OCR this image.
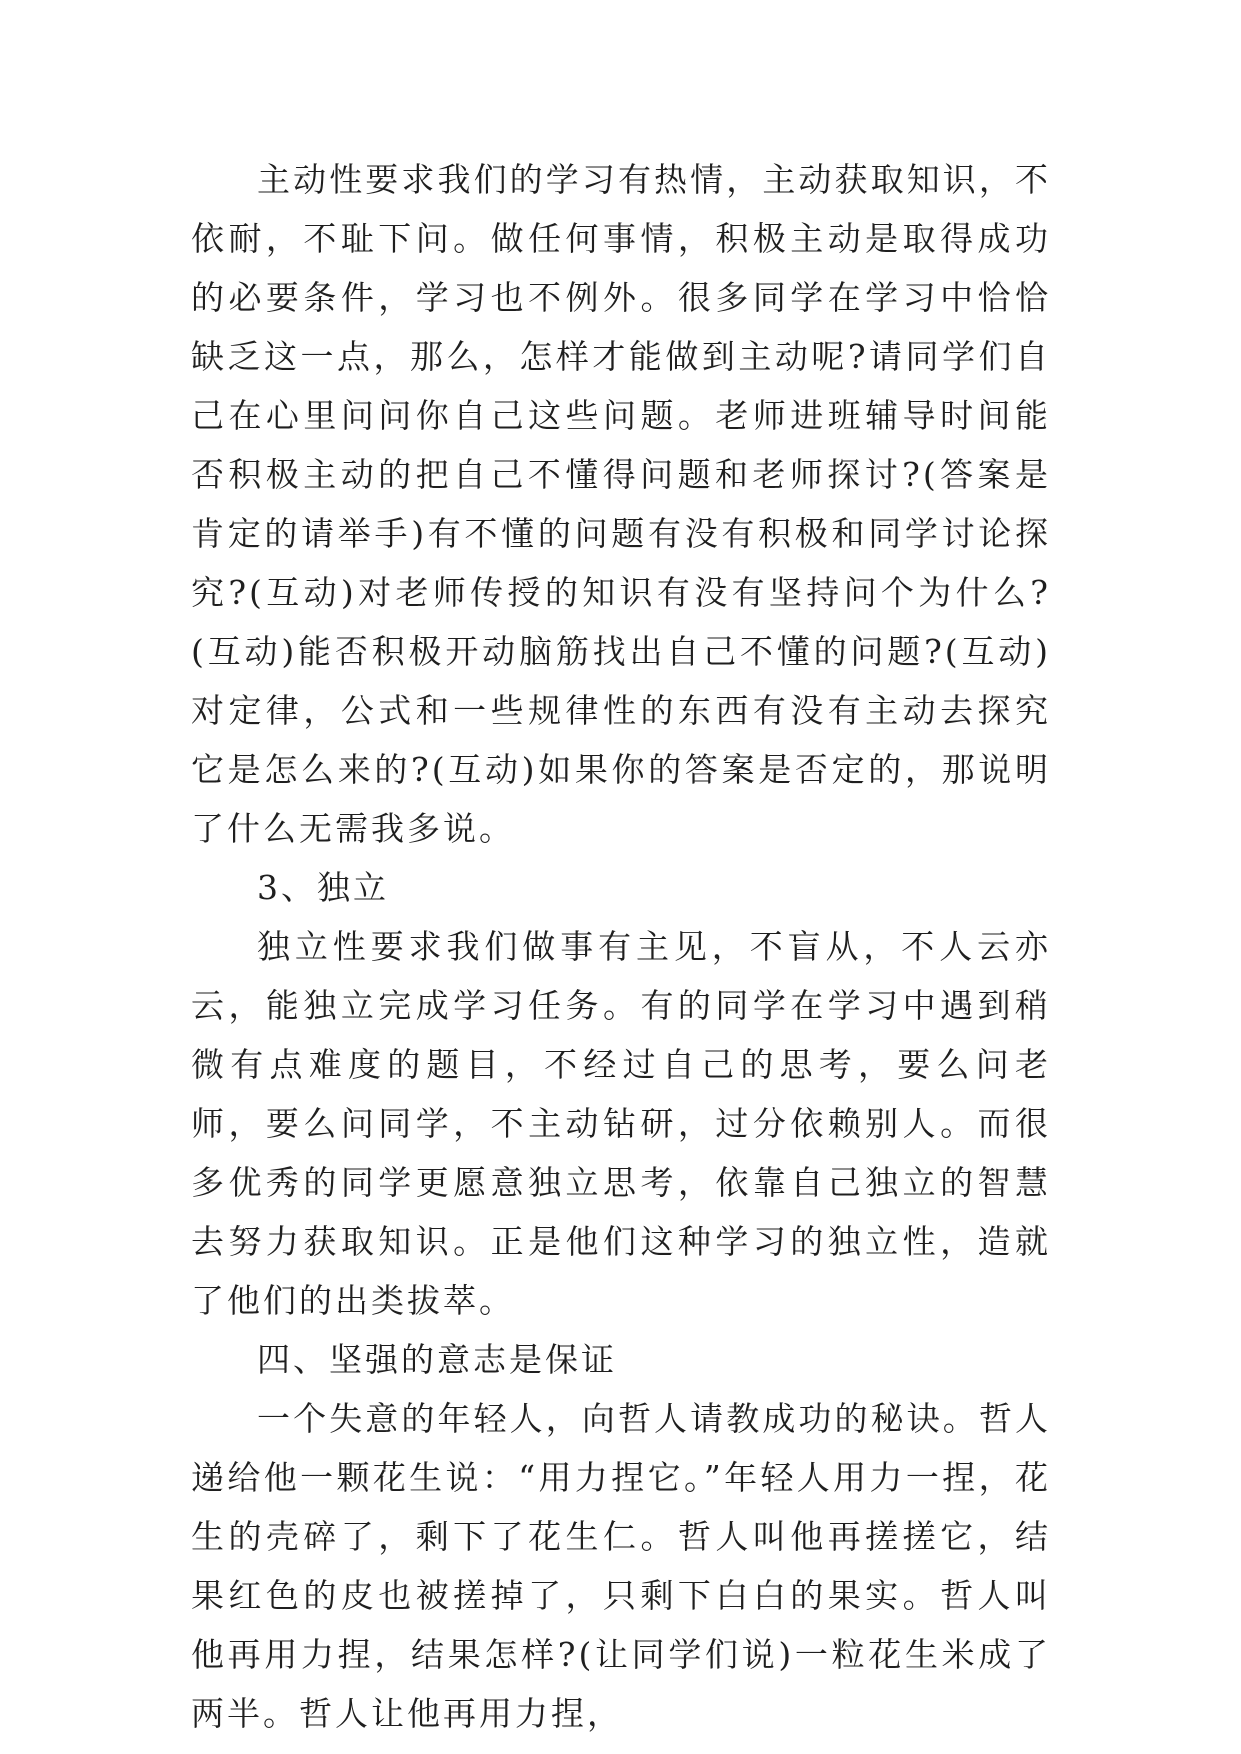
主动性要求我们的学习有热情，主动获取知识，不依耐，不耻下问。做任何事情，积极主动是取得成功的必要条件，学习也不例外。很多同学在学习中恰恰缺乏这一点，那么，怎样才能做到主动呢?请同学们自己在心里问问你自己这些问题。老师进班辅导时间能否积极主动的把自己不懂得问题和老师探讨?(答案是肯定的请举手)有不懂的问题有没有积极和同学讨论探究?(互动)对老师传授的知识有没有坚持问个为什么?(互动)能否积极开动脑筋找出自己不懂的问题?(互动)对定律，公式和一些规律性的东西有没有主动去探究它是怎么来的?(互动)如果你的答案是否定的，那说明了什么无需我多说。

3、独立

独立性要求我们做事有主见，不盲从，不人云亦云，能独立完成学习任务。有的同学在学习中遇到稍微有点难度的题目，不经过自己的思考，要么问老师，要么问同学，不主动钻研，过分依赖别人。而很多优秀的同学更愿意独立思考，依靠自己独立的智慧去努力获取知识。正是他们这种学习的独立性，造就了他们的出类拔萃。

四、坚强的意志是保证

一个失意的年轻人，向哲人请教成功的秘诀。哲人递给他一颗花生说：“用力捏它。”年轻人用力一捏，花生的壳碎了，剩下了花生仁。哲人叫他再搓搓它，结果红色的皮也被搓掉了，只剩下白白的果实。哲人叫他再用力捏，结果怎样?(让同学们说)一粒花生米成了两半。哲人让他再用力捏，
